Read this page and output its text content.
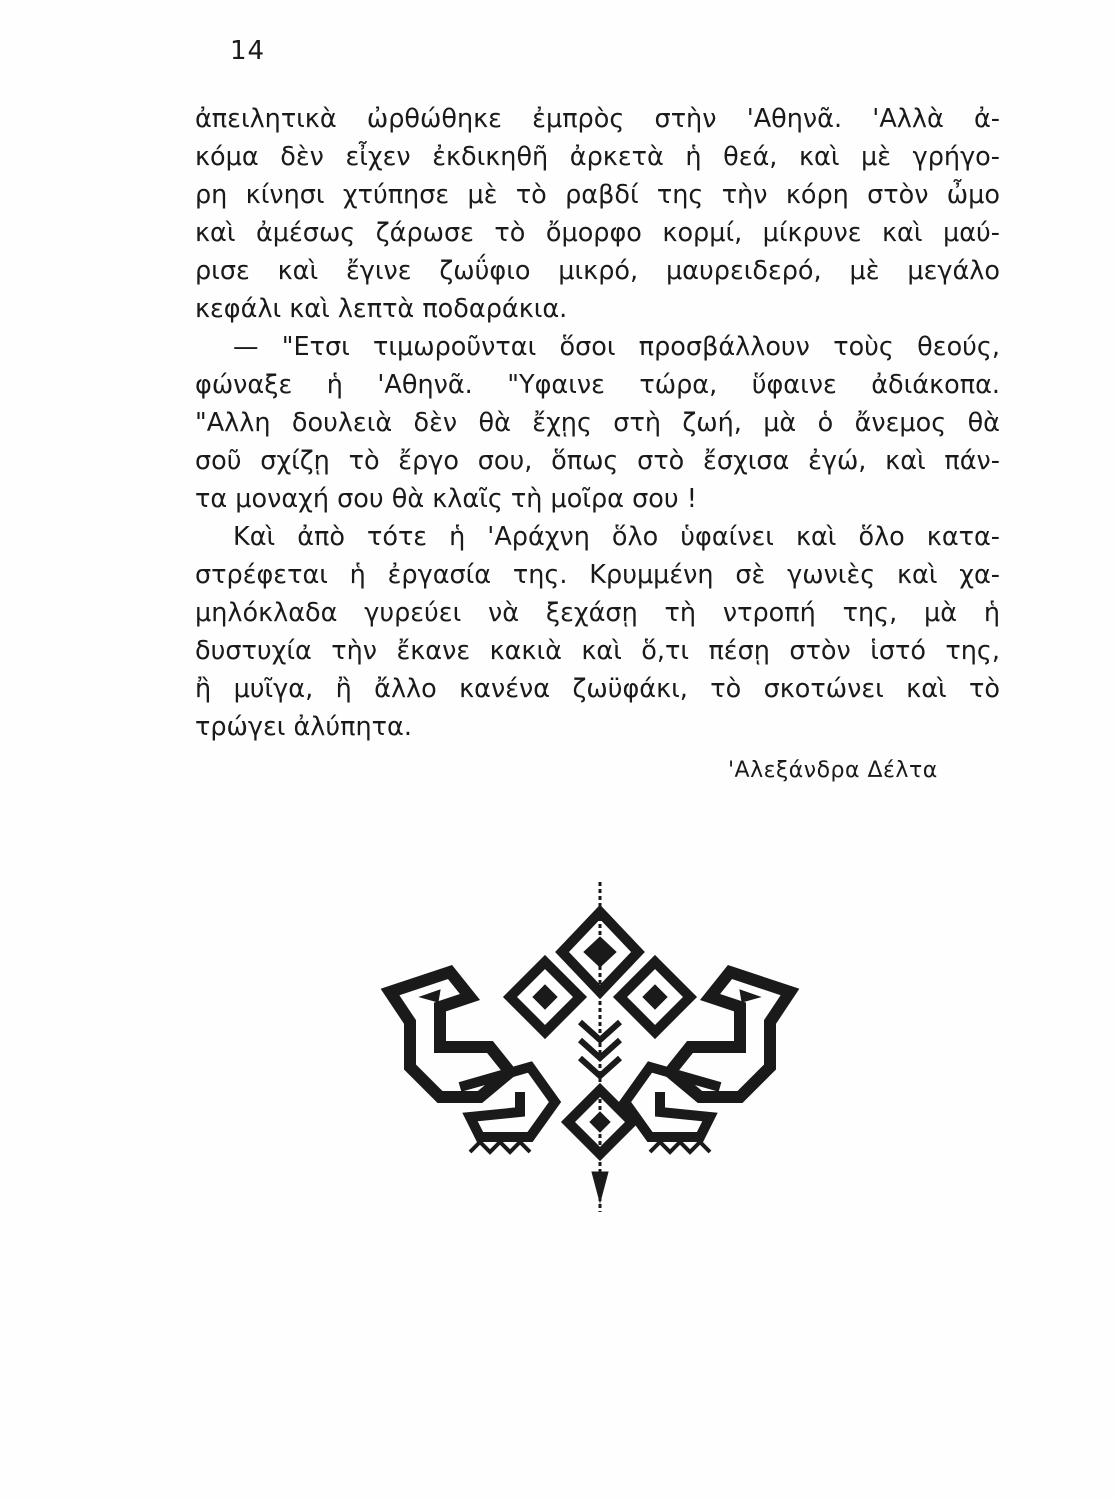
14
ἀπειλητικὰ ὠρθώθηκε ἐμπρὸς στὴν 'Αθηνᾶ. 'Αλλὰ ἀ-
κόμα δὲν εἶχεν ἐκδικηθῆ ἀρκετὰ ἡ θεά, καὶ μὲ γρήγο-
ρη κίνησι χτύπησε μὲ τὸ ραβδί της τὴν κόρη στὸν ὦμο
καὶ ἀμέσως ζάρωσε τὸ ὄμορφο κορμί, μίκρυνε καὶ μαύ-
ρισε καὶ ἔγινε ζωΰφιο μικρό, μαυρειδερό, μὲ μεγάλο
κεφάλι καὶ λεπτὰ ποδαράκια.
— "Ετσι τιμωροῦνται ὅσοι προσβάλλουν τοὺς θεούς,
φώναξε ἡ 'Αθηνᾶ. "Υφαινε τώρα, ὕφαινε ἀδιάκοπα.
"Αλλη δουλειὰ δὲν θὰ ἔχῃς στὴ ζωή, μὰ ὁ ἄνεμος θὰ
σοῦ σχίζῃ τὸ ἔργο σου, ὅπως στὸ ἔσχισα ἐγώ, καὶ πάν-
τα μοναχή σου θὰ κλαῖς τὴ μοῖρα σου !
Καὶ ἀπὸ τότε ἡ 'Αράχνη ὅλο ὑφαίνει καὶ ὅλο κατα-
στρέφεται ἡ ἐργασία της. Κρυμμένη σὲ γωνιὲς καὶ χα-
μηλόκλαδα γυρεύει νὰ ξεχάσῃ τὴ ντροπή της, μὰ ἡ
δυστυχία τὴν ἔκανε κακιὰ καὶ ὅ,τι πέσῃ στὸν ἱστό της,
ἢ μυῖγα, ἢ ἄλλο κανένα ζωϋφάκι, τὸ σκοτώνει καὶ τὸ
τρώγει ἀλύπητα.
'Αλεξάνδρα Δέλτα
